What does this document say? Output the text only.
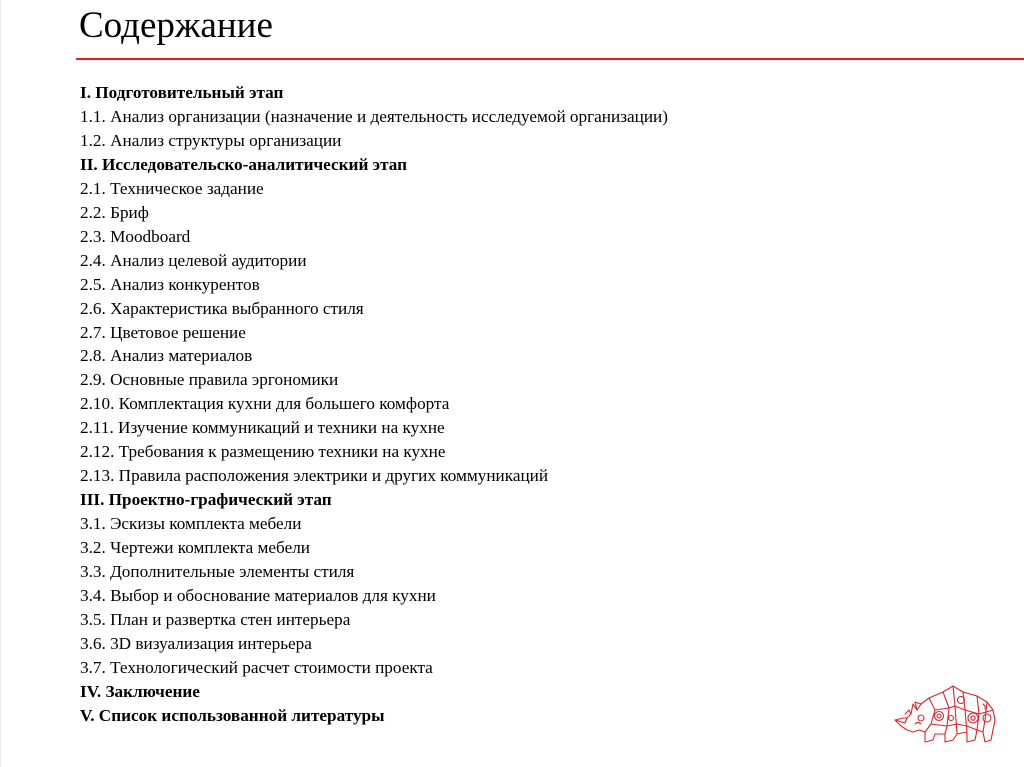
Содержание
I. Подготовительный этап
1.1. Анализ организации (назначение и деятельность исследуемой организации)
1.2. Анализ структуры организации
II. Исследовательско-аналитический этап
2.1. Техническое задание
2.2. Бриф
2.3. Moodboard
2.4. Анализ целевой аудитории
2.5. Анализ конкурентов
2.6. Характеристика выбранного стиля
2.7. Цветовое решение
2.8. Анализ материалов
2.9. Основные правила эргономики
2.10. Комплектация кухни для большего комфорта
2.11. Изучение коммуникаций и техники на кухне
2.12. Требования к размещению техники на кухне
2.13. Правила расположения электрики и других коммуникаций
III. Проектно-графический этап
3.1. Эскизы комплекта мебели
3.2. Чертежи комплекта мебели
3.3. Дополнительные элементы стиля
3.4. Выбор и обоснование материалов для кухни
3.5. План и развертка стен интерьера
3.6. 3D визуализация интерьера
3.7. Технологический расчет стоимости проекта
IV. Заключение
V. Список использованной литературы
